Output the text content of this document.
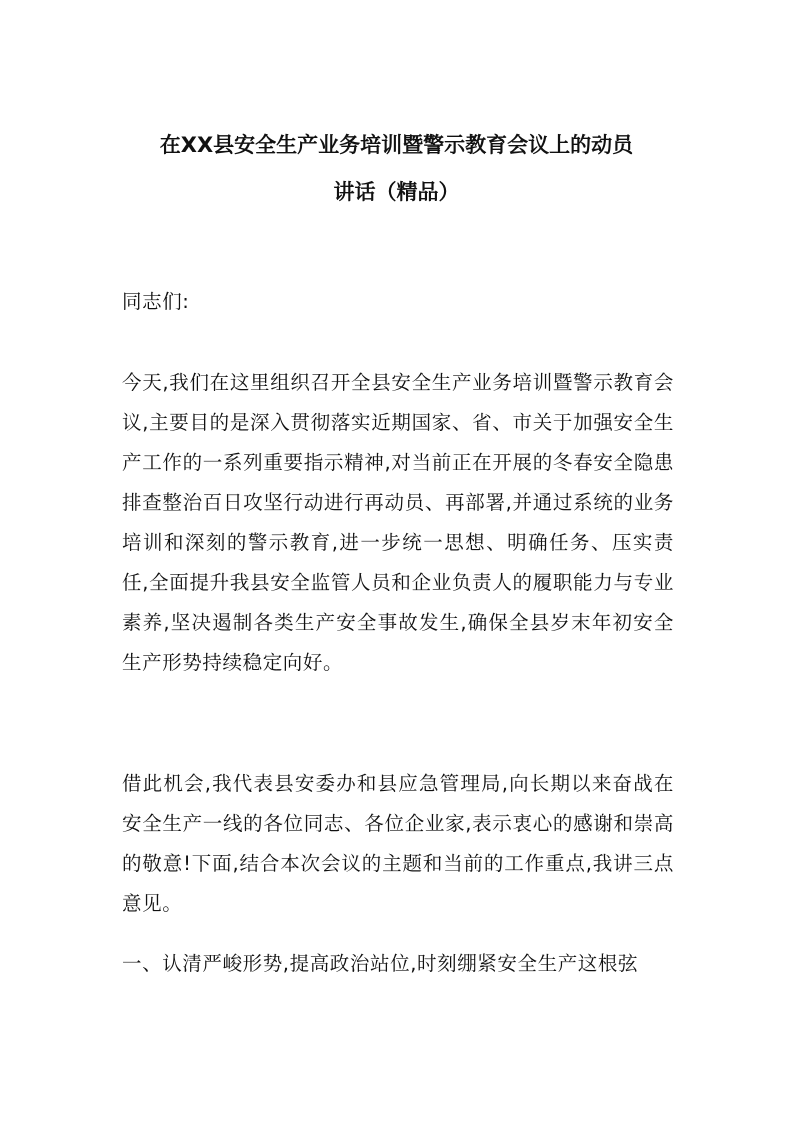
在XX县安全生产业务培训暨警示教育会议上的动员
讲话（精品）
同志们:
今天,我们在这里组织召开全县安全生产业务培训暨警示教育会议,主要目的是深入贯彻落实近期国家、省、市关于加强安全生产工作的一系列重要指示精神,对当前正在开展的冬春安全隐患排查整治百日攻坚行动进行再动员、再部署,并通过系统的业务培训和深刻的警示教育,进一步统一思想、明确任务、压实责任,全面提升我县安全监管人员和企业负责人的履职能力与专业素养,坚决遏制各类生产安全事故发生,确保全县岁末年初安全生产形势持续稳定向好。
借此机会,我代表县安委办和县应急管理局,向长期以来奋战在安全生产一线的各位同志、各位企业家,表示衷心的感谢和崇高的敬意!下面,结合本次会议的主题和当前的工作重点,我讲三点意见。
一、认清严峻形势,提高政治站位,时刻绷紧安全生产这根弦
